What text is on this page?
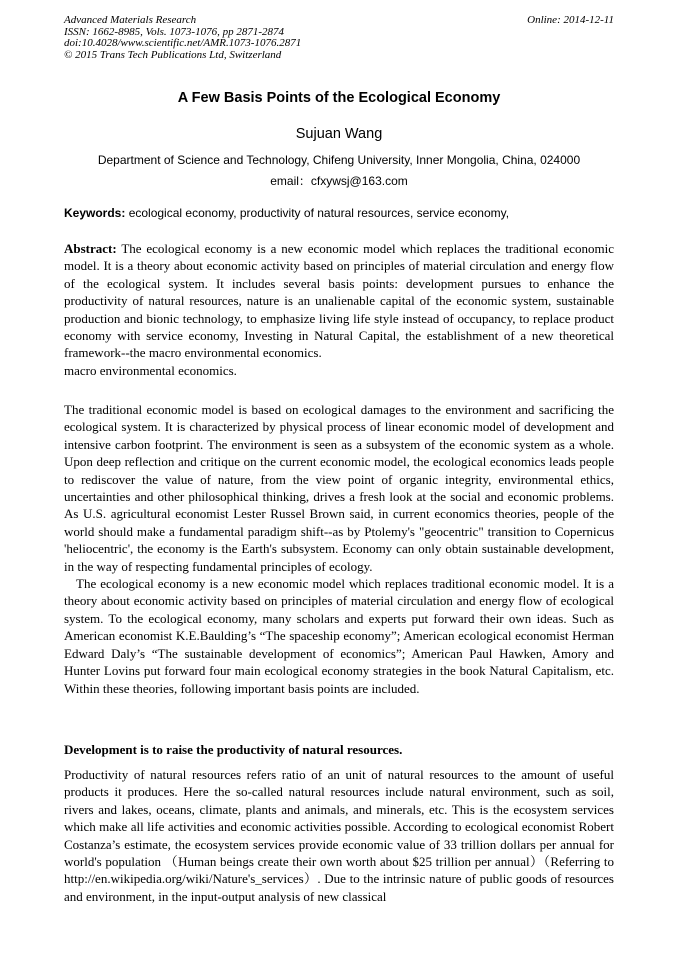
Advanced Materials Research
ISSN: 1662-8985, Vols. 1073-1076, pp 2871-2874
doi:10.4028/www.scientific.net/AMR.1073-1076.2871
© 2015 Trans Tech Publications Ltd, Switzerland
Online: 2014-12-11
A Few Basis Points of the Ecological Economy
Sujuan Wang
Department of Science and Technology, Chifeng University, Inner Mongolia, China, 024000
email：cfxywsj@163.com
Keywords: ecological economy, productivity of natural resources, service economy,

Abstract: The ecological economy is a new economic model which replaces the traditional economic model. It is a theory about economic activity based on principles of material circulation and energy flow of the ecological system. It includes several basis points: development pursues to enhance the productivity of natural resources, nature is an unalienable capital of the economic system, sustainable production and bionic technology, to emphasize living life style instead of occupancy, to replace product economy with service economy, Investing in Natural Capital, the establishment of a new theoretical framework--the macro environmental economics.

macro environmental economics.

The traditional economic model is based on ecological damages to the environment and sacrificing the ecological system. It is characterized by physical process of linear economic model of development and intensive carbon footprint. The environment is seen as a subsystem of the economic system as a whole. Upon deep reflection and critique on the current economic model, the ecological economics leads people to rediscover the value of nature, from the view point of organic integrity, environmental ethics, uncertainties and other philosophical thinking, drives a fresh look at the social and economic problems. As U.S. agricultural economist Lester Russel Brown said, in current economics theories, people of the world should make a fundamental paradigm shift--as by Ptolemy's "geocentric" transition to Copernicus 'heliocentric', the economy is the Earth's subsystem. Economy can only obtain sustainable development, in the way of respecting fundamental principles of ecology.

The ecological economy is a new economic model which replaces traditional economic model. It is a theory about economic activity based on principles of material circulation and energy flow of ecological system. To the ecological economy, many scholars and experts put forward their own ideas. Such as American economist K.E.Baulding’s “The spaceship economy”; American ecological economist Herman Edward Daly’s “The sustainable development of economics”; American Paul Hawken, Amory and Hunter Lovins put forward four main ecological economy strategies in the book Natural Capitalism, etc. Within these theories, following important basis points are included.

Development is to raise the productivity of natural resources.

Productivity of natural resources refers ratio of an unit of natural resources to the amount of useful products it produces. Here the so-called natural resources include natural environment, such as soil, rivers and lakes, oceans, climate, plants and animals, and minerals, etc. This is the ecosystem services which make all life activities and economic activities possible. According to ecological economist Robert Costanza’s estimate, the ecosystem services provide economic value of 33 trillion dollars per annual for world's population （Human beings create their own worth about $25 trillion per annual）（Referring to http://en.wikipedia.org/wiki/Nature's_services）. Due to the intrinsic nature of public goods of resources and environment, in the input-output analysis of new classical
